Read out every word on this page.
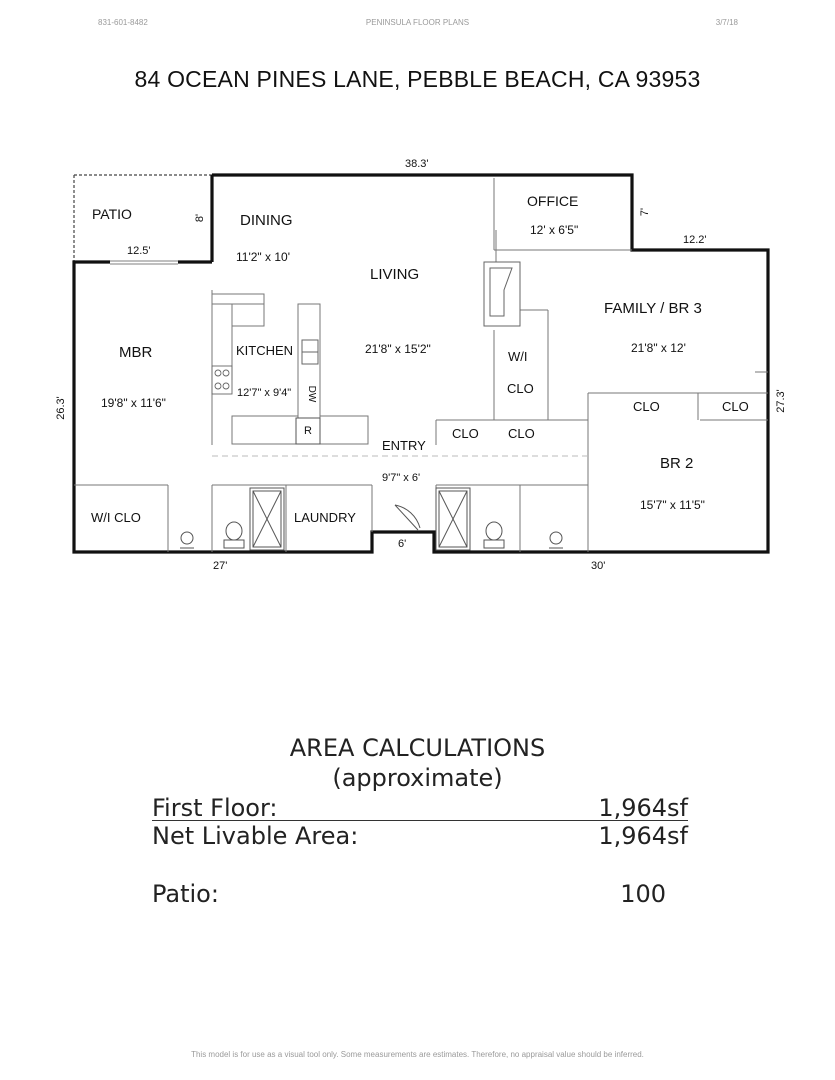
831-601-8482	PENINSULA FLOOR PLANS	3/7/18
84 OCEAN PINES LANE, PEBBLE BEACH, CA 93953
R
DW
PATIO	DINING
11'2" x 10'
OFFICE
12' x 6'5"
LIVING
21'8" x 15'2"
FAMILY / BR 3
21'8" x 12'
MBR
19'8" x 11'6"
KITCHEN
12'7" x 9'4"
W/I
CLO
ENTRY
9'7" x 6'
BR 2
15'7" x 11'5"
W/I CLO	LAUNDRY
CLO CLO
CLO	CLO
38.3'
8'
12.5'
7'
12.2'
26.3'	27.3'
27'
6'
30'
AREA CALCULATIONS
(approximate)
First Floor:	1,964sf
Net Livable Area:	1,964sf
Patio:	100
This model is for use as a visual tool only. Some measurements are estimates. Therefore, no appraisal value should be inferred.
